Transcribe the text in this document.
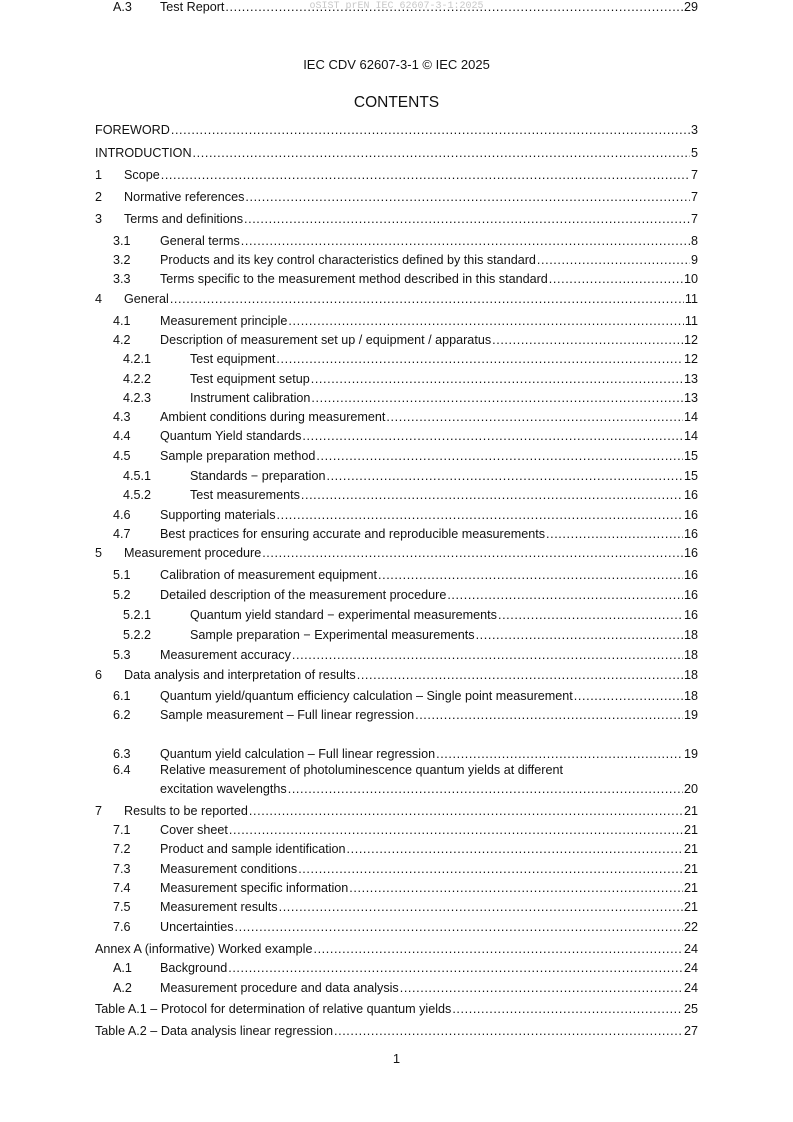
oSIST prEN IEC 62607-3-1:2025
IEC CDV 62607-3-1 © IEC 2025
CONTENTS
FOREWORD .....	3
INTRODUCTION .....	5
1	Scope .....	7
2	Normative references .....	7
3	Terms and definitions .....	7
3.1	General terms .....	8
3.2	Products and its key control characteristics defined by this standard .....	9
3.3	Terms specific to the measurement method described in this standard .....	10
4	General .....	11
4.1	Measurement principle .....	11
4.2	Description of measurement set up / equipment / apparatus .....	12
4.2.1	Test equipment .....	12
4.2.2	Test equipment setup .....	13
4.2.3	Instrument calibration .....	13
4.3	Ambient conditions during measurement .....	14
4.4	Quantum Yield standards .....	14
4.5	Sample preparation method .....	15
4.5.1	Standards − preparation .....	15
4.5.2	Test measurements .....	16
4.6	Supporting materials .....	16
4.7	Best practices for ensuring accurate and reproducible measurements .....	16
5	Measurement procedure .....	16
5.1	Calibration of measurement equipment .....	16
5.2	Detailed description of the measurement procedure .....	16
5.2.1	Quantum yield standard − experimental measurements .....	16
5.2.2	Sample preparation − Experimental measurements .....	18
5.3	Measurement accuracy .....	18
6	Data analysis and interpretation of results .....	18
6.1	Quantum yield/quantum efficiency calculation – Single point measurement .....	18
6.2	Sample measurement – Full linear regression .....	19
6.3	Quantum yield calculation – Full linear regression .....	19
6.4	Relative measurement of photoluminescence quantum yields at different
excitation wavelengths .....	20
7	Results to be reported .....	21
7.1	Cover sheet .....	21
7.2	Product and sample identification .....	21
7.3	Measurement conditions .....	21
7.4	Measurement specific information .....	21
7.5	Measurement results .....	21
7.6	Uncertainties .....	22
Annex A (informative) Worked example .....	24
A.1	Background .....	24
A.2	Measurement procedure and data analysis .....	24
Table A.1 – Protocol for determination of relative quantum yields .....	25
Table A.2 – Data analysis linear regression .....	27
A.3	Test Report .....	29
1
